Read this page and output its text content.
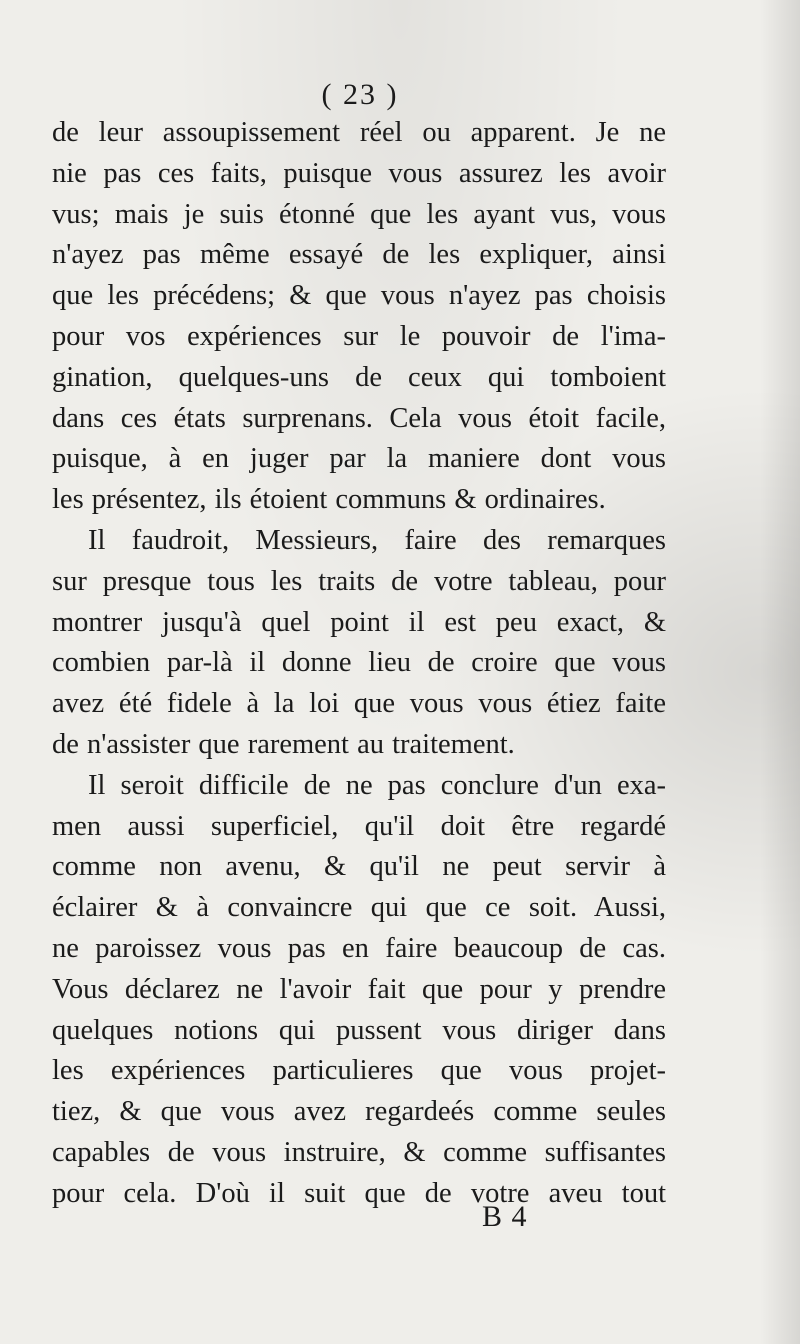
( 23 )
de leur assoupissement réel ou apparent. Je ne
nie pas ces faits, puisque vous assurez les avoir
vus; mais je suis étonné que les ayant vus, vous
n'ayez pas même essayé de les expliquer, ainsi
que les précédens; & que vous n'ayez pas choisis
pour vos expériences sur le pouvoir de l'ima-
gination, quelques-uns de ceux qui tomboient
dans ces états surprenans. Cela vous étoit facile,
puisque, à en juger par la maniere dont vous
les présentez, ils étoient communs & ordinaires.
Il faudroit, Messieurs, faire des remarques
sur presque tous les traits de votre tableau, pour
montrer jusqu'à quel point il est peu exact, &
combien par-là il donne lieu de croire que vous
avez été fidele à la loi que vous vous étiez faite
de n'assister que rarement au traitement.
Il seroit difficile de ne pas conclure d'un exa-
men aussi superficiel, qu'il doit être regardé
comme non avenu, & qu'il ne peut servir à
éclairer & à convaincre qui que ce soit. Aussi,
ne paroissez vous pas en faire beaucoup de cas.
Vous déclarez ne l'avoir fait que pour y prendre
quelques notions qui pussent vous diriger dans
les expériences particulieres que vous projet-
tiez, & que vous avez regardeés comme seules
capables de vous instruire, & comme suffisantes
pour cela. D'où il suit que de votre aveu tout
B 4
